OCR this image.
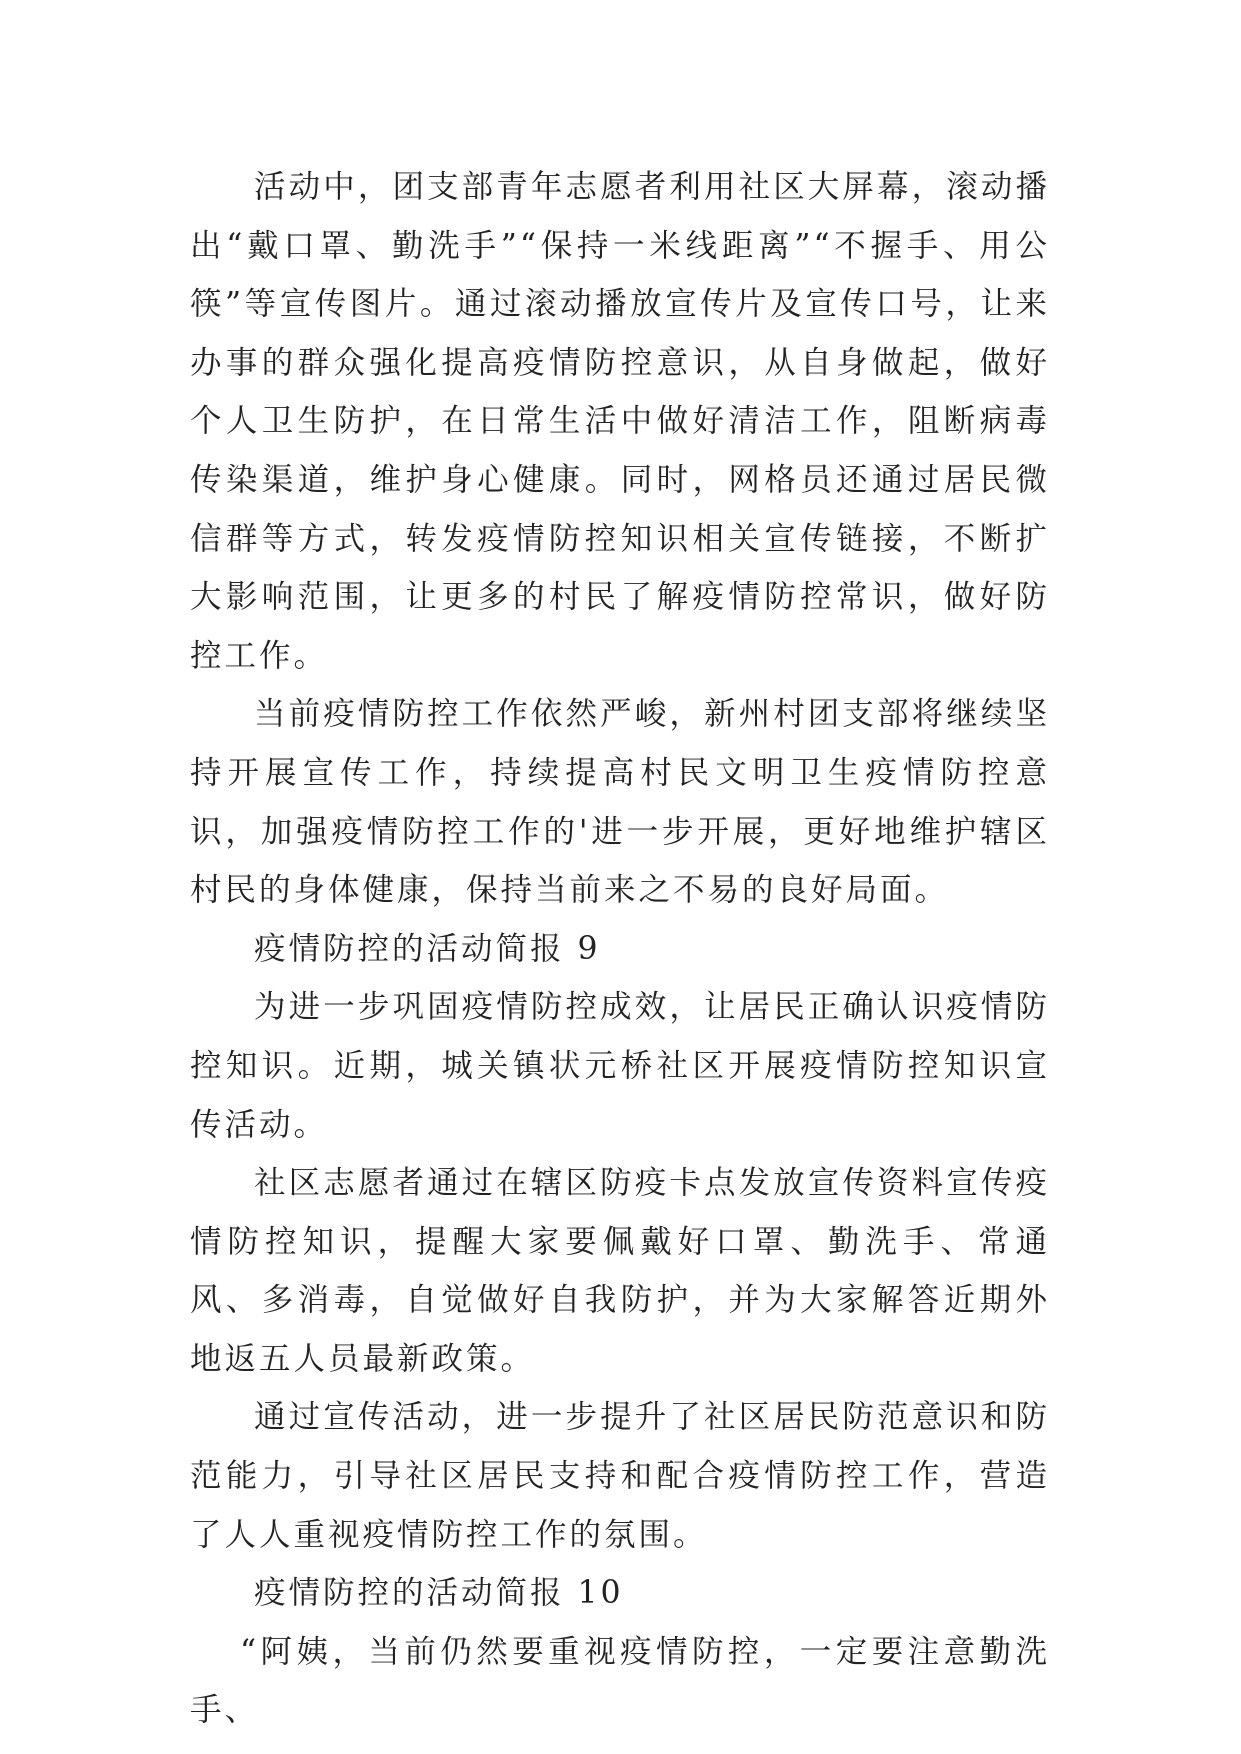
活动中，团支部青年志愿者利用社区大屏幕，滚动播出“戴口罩、勤洗手”“保持一米线距离”“不握手、用公筷”等宣传图片。通过滚动播放宣传片及宣传口号，让来办事的群众强化提高疫情防控意识，从自身做起，做好个人卫生防护，在日常生活中做好清洁工作，阻断病毒传染渠道，维护身心健康。同时，网格员还通过居民微信群等方式，转发疫情防控知识相关宣传链接，不断扩大影响范围，让更多的村民了解疫情防控常识，做好防控工作。

当前疫情防控工作依然严峻，新州村团支部将继续坚持开展宣传工作，持续提高村民文明卫生疫情防控意识，加强疫情防控工作的'进一步开展，更好地维护辖区村民的身体健康，保持当前来之不易的良好局面。

疫情防控的活动简报 9

为进一步巩固疫情防控成效，让居民正确认识疫情防控知识。近期，城关镇状元桥社区开展疫情防控知识宣传活动。

社区志愿者通过在辖区防疫卡点发放宣传资料宣传疫情防控知识，提醒大家要佩戴好口罩、勤洗手、常通风、多消毒，自觉做好自我防护，并为大家解答近期外地返五人员最新政策。

通过宣传活动，进一步提升了社区居民防范意识和防范能力，引导社区居民支持和配合疫情防控工作，营造了人人重视疫情防控工作的氛围。

疫情防控的活动简报 10

“阿姨，当前仍然要重视疫情防控，一定要注意勤洗手、
